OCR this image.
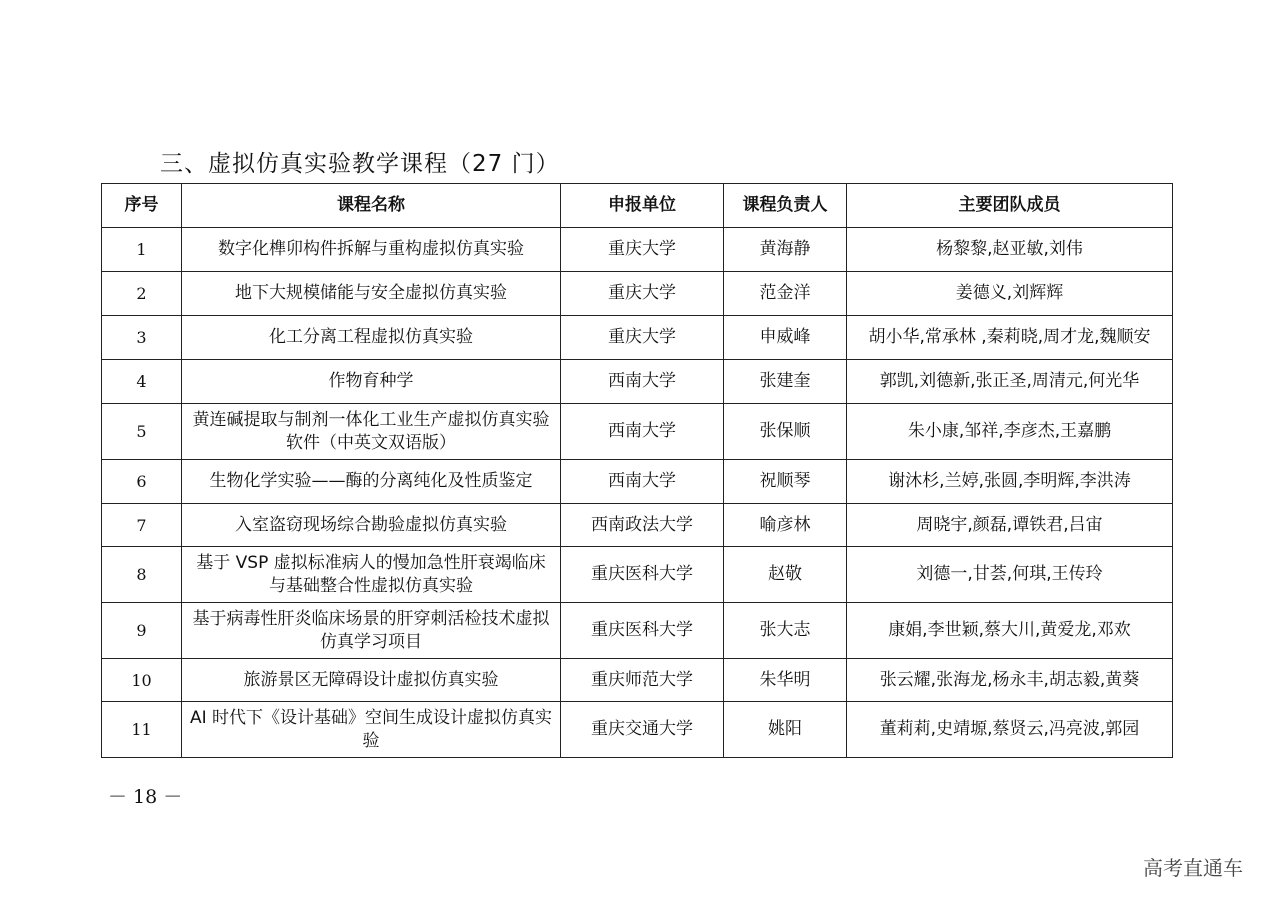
三、虚拟仿真实验教学课程（27 门）
序号	课程名称	申报单位	课程负责人	主要团队成员
1	数字化榫卯构件拆解与重构虚拟仿真实验	重庆大学	黄海静	杨黎黎,赵亚敏,刘伟
2	地下大规模储能与安全虚拟仿真实验	重庆大学	范金洋	姜德义,刘辉辉
3	化工分离工程虚拟仿真实验	重庆大学	申威峰	胡小华,常承林 ,秦莉晓,周才龙,魏顺安
4	作物育种学	西南大学	张建奎	郭凯,刘德新,张正圣,周清元,何光华
5	黄连碱提取与制剂一体化工业生产虚拟仿真实验软件（中英文双语版）	西南大学	张保顺	朱小康,邹祥,李彦杰,王嘉鹏
6	生物化学实验——酶的分离纯化及性质鉴定	西南大学	祝顺琴	谢沐杉,兰婷,张圆,李明辉,李洪涛
7	入室盗窃现场综合勘验虚拟仿真实验	西南政法大学	喻彦林	周晓宇,颜磊,谭铁君,吕宙
8	基于 VSP 虚拟标准病人的慢加急性肝衰竭临床与基础整合性虚拟仿真实验	重庆医科大学	赵敬	刘德一,甘荟,何琪,王传玲
9	基于病毒性肝炎临床场景的肝穿刺活检技术虚拟仿真学习项目	重庆医科大学	张大志	康娟,李世颖,蔡大川,黄爱龙,邓欢
10	旅游景区无障碍设计虚拟仿真实验	重庆师范大学	朱华明	张云耀,张海龙,杨永丰,胡志毅,黄葵
11	AI 时代下《设计基础》空间生成设计虚拟仿真实验	重庆交通大学	姚阳	董莉莉,史靖塬,蔡贤云,冯亮波,郭园
－ 18 －
高考直通车
